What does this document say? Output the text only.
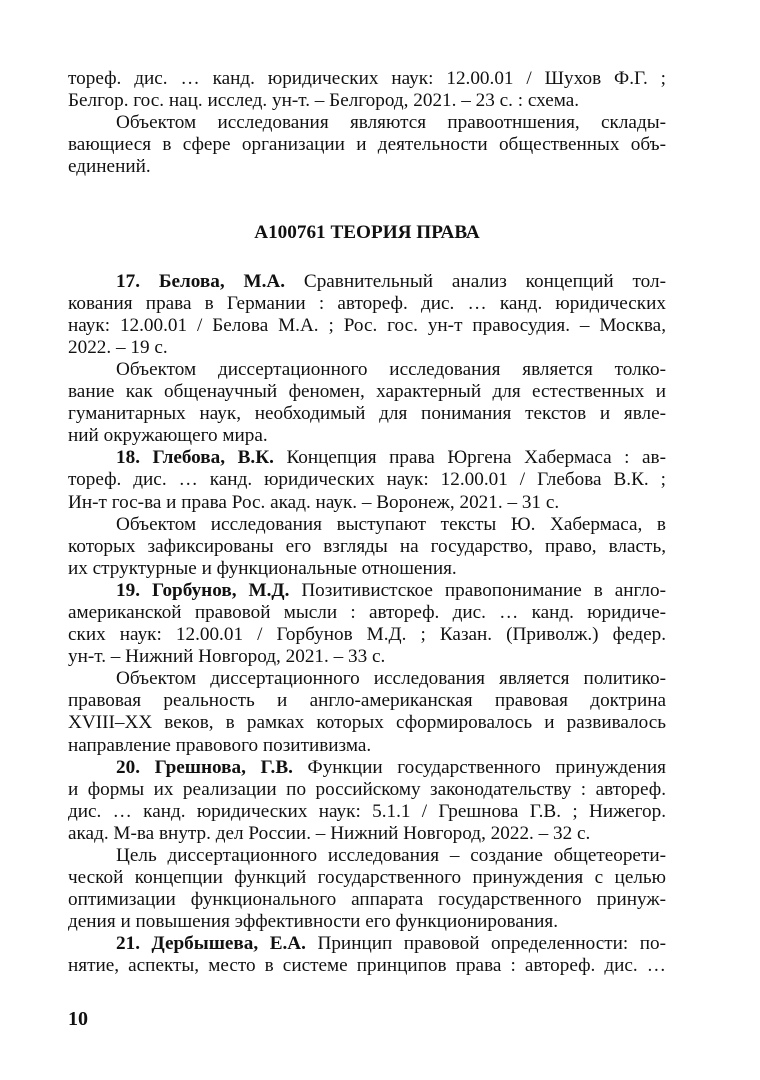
тореф. дис. … канд. юридических наук: 12.00.01 / Шухов Ф.Г. ;
Белгор. гос. нац. исслед. ун-т. – Белгород, 2021. – 23 с. : схема.
Объектом исследования являются правоотншения, склады-
вающиеся в сфере организации и деятельности общественных объ-
единений.
А100761 ТЕОРИЯ ПРАВА
17. Белова, М.А. Сравнительный анализ концепций тол-
кования права в Германии : автореф. дис. … канд. юридических
наук: 12.00.01 / Белова М.А. ; Рос. гос. ун-т правосудия. – Москва,
2022. – 19 с.
Объектом диссертационного исследования является толко-
вание как общенаучный феномен, характерный для естественных и
гуманитарных наук, необходимый для понимания текстов и явле-
ний окружающего мира.
18. Глебова, В.К. Концепция права Юргена Хабермаса : ав-
тореф. дис. … канд. юридических наук: 12.00.01 / Глебова В.К. ;
Ин-т гос-ва и права Рос. акад. наук. – Воронеж, 2021. – 31 с.
Объектом исследования выступают тексты Ю. Хабермаса, в
которых зафиксированы его взгляды на государство, право, власть,
их структурные и функциональные отношения.
19. Горбунов, М.Д. Позитивистское правопонимание в англо-
американской правовой мысли : автореф. дис. … канд. юридиче-
ских наук: 12.00.01 / Горбунов М.Д. ; Казан. (Приволж.) федер.
ун-т. – Нижний Новгород, 2021. – 33 с.
Объектом диссертационного исследования является политико-
правовая реальность и англо-американская правовая доктрина
XVIII–XX веков, в рамках которых сформировалось и развивалось
направление правового позитивизма.
20. Грешнова, Г.В. Функции государственного принуждения
и формы их реализации по российскому законодательству : автореф.
дис. … канд. юридических наук: 5.1.1 / Грешнова Г.В. ; Нижегор.
акад. М-ва внутр. дел России. – Нижний Новгород, 2022. – 32 с.
Цель диссертационного исследования – создание общетеорети-
ческой концепции функций государственного принуждения с целью
оптимизации функционального аппарата государственного принуж-
дения и повышения эффективности его функционирования.
21. Дербышева, Е.А. Принцип правовой определенности: по-
нятие, аспекты, место в системе принципов права : автореф. дис. …
10
